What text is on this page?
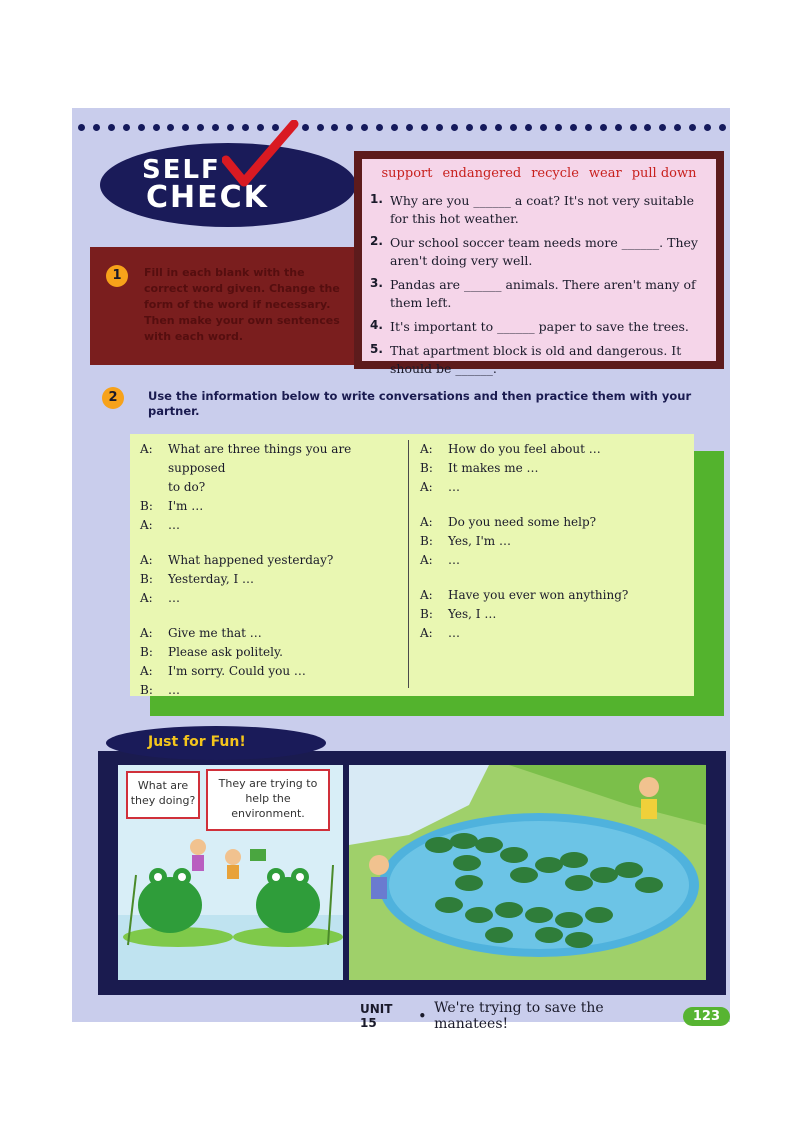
SELF
CHECK
Fill in each blank with the correct word given. Change the form of the word if necessary. Then make your own sentences with each word.
1
support endangered recycle wear pull down
1. Why are you ______ a coat? It's not very suitable for this hot weather.
2. Our school soccer team needs more ______. They aren't doing very well.
3. Pandas are ______ animals. There aren't many of them left.
4. It's important to ______ paper to save the trees.
5. That apartment block is old and dangerous. It should be ______.
2	Use the information below to write conversations and then practice them with your partner.
A:	What are three things you are supposed
to do?
B:	I'm …
A:	…
A:	What happened yesterday?
B:	Yesterday, I …
A:	…
A:	Give me that …
B:	Please ask politely.
A:	I'm sorry. Could you …
B:	…
A:	How do you feel about …
B:	It makes me …
A:	…
A:	Do you need some help?
B:	Yes, I'm …
A:	…
A:	Have you ever won anything?
B:	Yes, I …
A:	…
What are they doing?
They are trying to help the environment.
Just for Fun!
UNIT 15	• We're trying to save the manatees!	123
